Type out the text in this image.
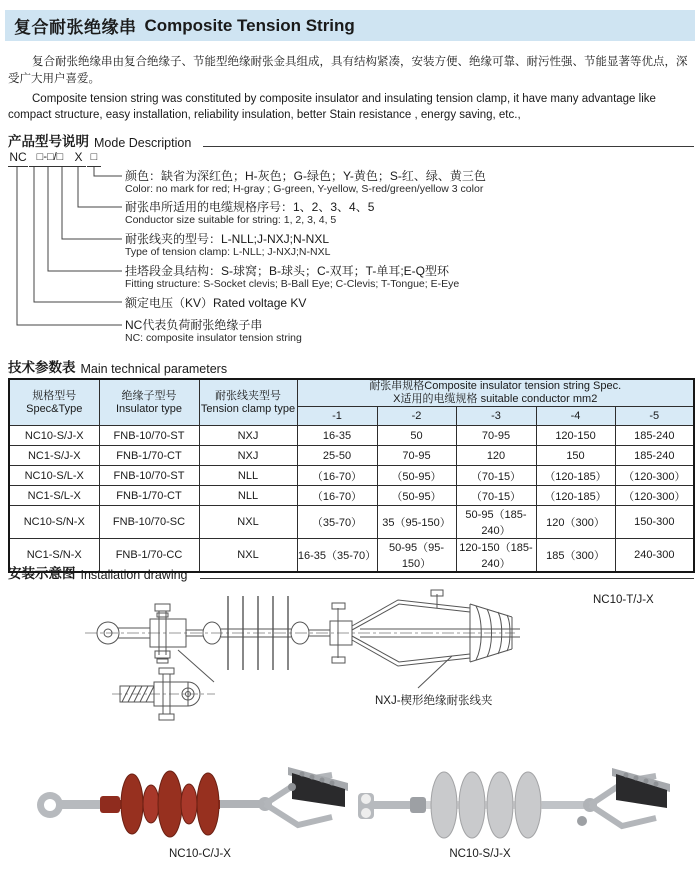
复合耐张绝缘串 Composite Tension String
复合耐张绝缘串由复合绝缘子、节能型绝缘耐张金具组成，具有结构紧凑，安装方便、绝缘可靠、耐污性强、节能显著等优点，深受广大用户喜爱。
Composite tension string was constituted by composite insulator and insulating tension clamp, it have many advantage like compact structure, easy installation, reliability insulation, better Stain resistance , energy saving, etc.,
产品型号说明 Mode Description
NC □-□/□ X □
颜色：缺省为深红色；H-灰色；G-绿色；Y-黄色；S-红、绿、黄三色
Color: no mark for red; H-gray ; G-green, Y-yellow, S-red/green/yellow 3 color
耐张串所适用的电缆规格序号：1、2、3、4、5
Conductor size suitable for string: 1, 2, 3, 4, 5
耐张线夹的型号：L-NLL;J-NXJ;N-NXL
Type of tension clamp: L-NLL; J-NXJ;N-NXL
挂塔段金具结构：S-球窝；B-球头；C-双耳；T-单耳;E-Q型环
Fitting structure: S-Socket clevis; B-Ball Eye; C-Clevis; T-Tongue; E-Eye
额定电压（KV）Rated voltage KV
NC代表负荷耐张绝缘子串
NC: composite insulator tension string
技术参数表 Main technical parameters
规格型号
Spec&Type

绝缘子型号
Insulator type

耐张线夹型号
Tension clamp type

耐张串规格Composite insulator tension string Spec.
X适用的电缆规格 suitable conductor mm2

			-1	-2	-3	-4	-5
NC10-S/J-X	FNB-10/70-ST	NXJ	16-35	50	70-95	120-150	185-240
NC1-S/J-X	FNB-1/70-CT	NXJ	25-50	70-95	120	150	185-240
NC10-S/L-X	FNB-10/70-ST	NLL	（16-70）	（50-95）	（70-15）	（120-185）	（120-300）
NC1-S/L-X	FNB-1/70-CT	NLL	（16-70）	（50-95）	（70-15）	（120-185）	（120-300）
NC10-S/N-X	FNB-10/70-SC	NXL	（35-70）	35（95-150）	50-95（185-240）	120（300）	150-300
NC1-S/N-X	FNB-1/70-CC	NXL	16-35（35-70）	50-95（95-150）	120-150（185-240）	185（300）	240-300
安装示意图 Installation drawing
NC10-T/J-X
NXJ-楔形绝缘耐张线夹
NC10-C/J-X	NC10-S/J-X
